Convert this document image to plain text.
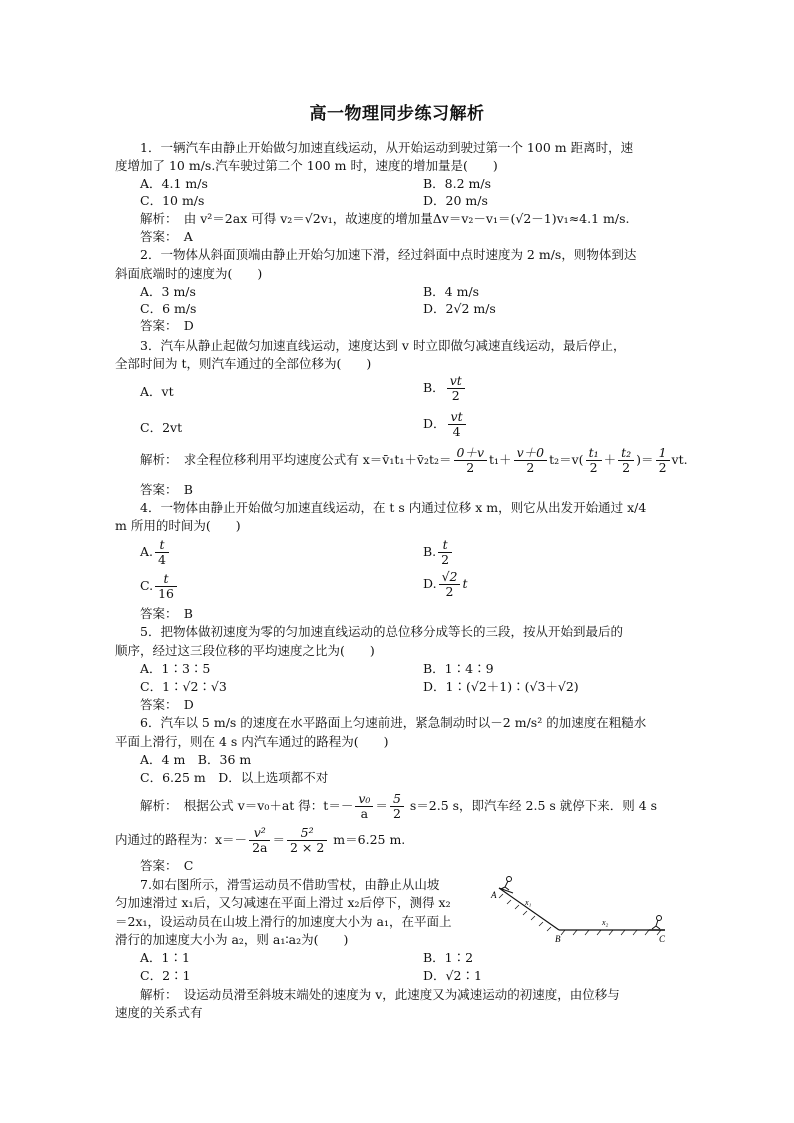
高一物理同步练习解析
1．一辆汽车由静止开始做匀加速直线运动，从开始运动到驶过第一个 100 m 距离时，速
度增加了 10 m/s.汽车驶过第二个 100 m 时，速度的增加量是(　　)
A．4.1 m/s	B．8.2 m/s
C．10 m/s	D．20 m/s
解析：　由 v²＝2ax 可得 v₂＝√2v₁，故速度的增加量Δv＝v₂－v₁＝(√2－1)v₁≈4.1 m/s.
答案：　A
2．一物体从斜面顶端由静止开始匀加速下滑，经过斜面中点时速度为 2 m/s，则物体到达
斜面底端时的速度为(　　)
A．3 m/s	B．4 m/s
C．6 m/s	D．2√2 m/s
答案：　D
3．汽车从静止起做匀加速直线运动，速度达到 v 时立即做匀减速直线运动，最后停止，
全部时间为 t，则汽车通过的全部位移为(　　)
A．vt	B． $\frac{vt}{2}$
C．2vt	D． $\frac{vt}{4}$
解析：　求全程位移利用平均速度公式有 x＝v̄₁t₁＋v̄₂t₂＝ $\frac{0+v}{2} t_1+ \frac{v+0}{2} t_2=v( \frac{\text{t₁}}{2} + \frac{\text{t₂}}{2}$ )＝ $\frac{1}{2}$ vt.
答案：　B
4．一物体由静止开始做匀加速直线运动，在 t s 内通过位移 x m，则它从出发开始通过 x/4
m 所用的时间为(　　)
A. $\frac{t}{4}$	B. $\frac{t}{2}$
C. $\frac{t}{16}$	D. $\frac{√2}{2}$ t
答案：　B
5．把物体做初速度为零的匀加速直线运动的总位移分成等长的三段，按从开始到最后的
顺序，经过这三段位移的平均速度之比为(　　)
A．1∶3∶5	B．1∶4∶9
C．1∶√2∶√3	D．1∶(√2＋1)∶(√3＋√2)
答案：　D
6．汽车以 5 m/s 的速度在水平路面上匀速前进，紧急制动时以－2 m/s² 的加速度在粗糙水
平面上滑行，则在 4 s 内汽车通过的路程为(　　)
A．4 m　B．36 m
C．6.25 m　D．以上选项都不对
解析：　根据公式 v＝v₀＋at 得：$t=- \frac{\text{v₀}}{a} = \frac{5}{2} s=2.5$ s，即汽车经 2.5 s 就停下来．则 4 s
内通过的路程为：$x=- \frac{\text{v²}}{2a} = \frac{\text{5²}}{2 \times 2} m=6.25$ m.
答案：　C
7.如右图所示，滑雪运动员不借助雪杖，由静止从山坡
匀加速滑过 x₁后，又匀减速在平面上滑过 x₂后停下，测得 x₂
＝2x₁，设运动员在山坡上滑行的加速度大小为 a₁，在平面上
滑行的加速度大小为 a₂，则 a₁∶a₂为(　　)
A．1∶1	B．1∶2
C．2∶1	D．√2∶1
解析：　设运动员滑至斜坡末端处的速度为 v，此速度又为减速运动的初速度，由位移与
速度的关系式有
A
B	C
x₁
x₂
